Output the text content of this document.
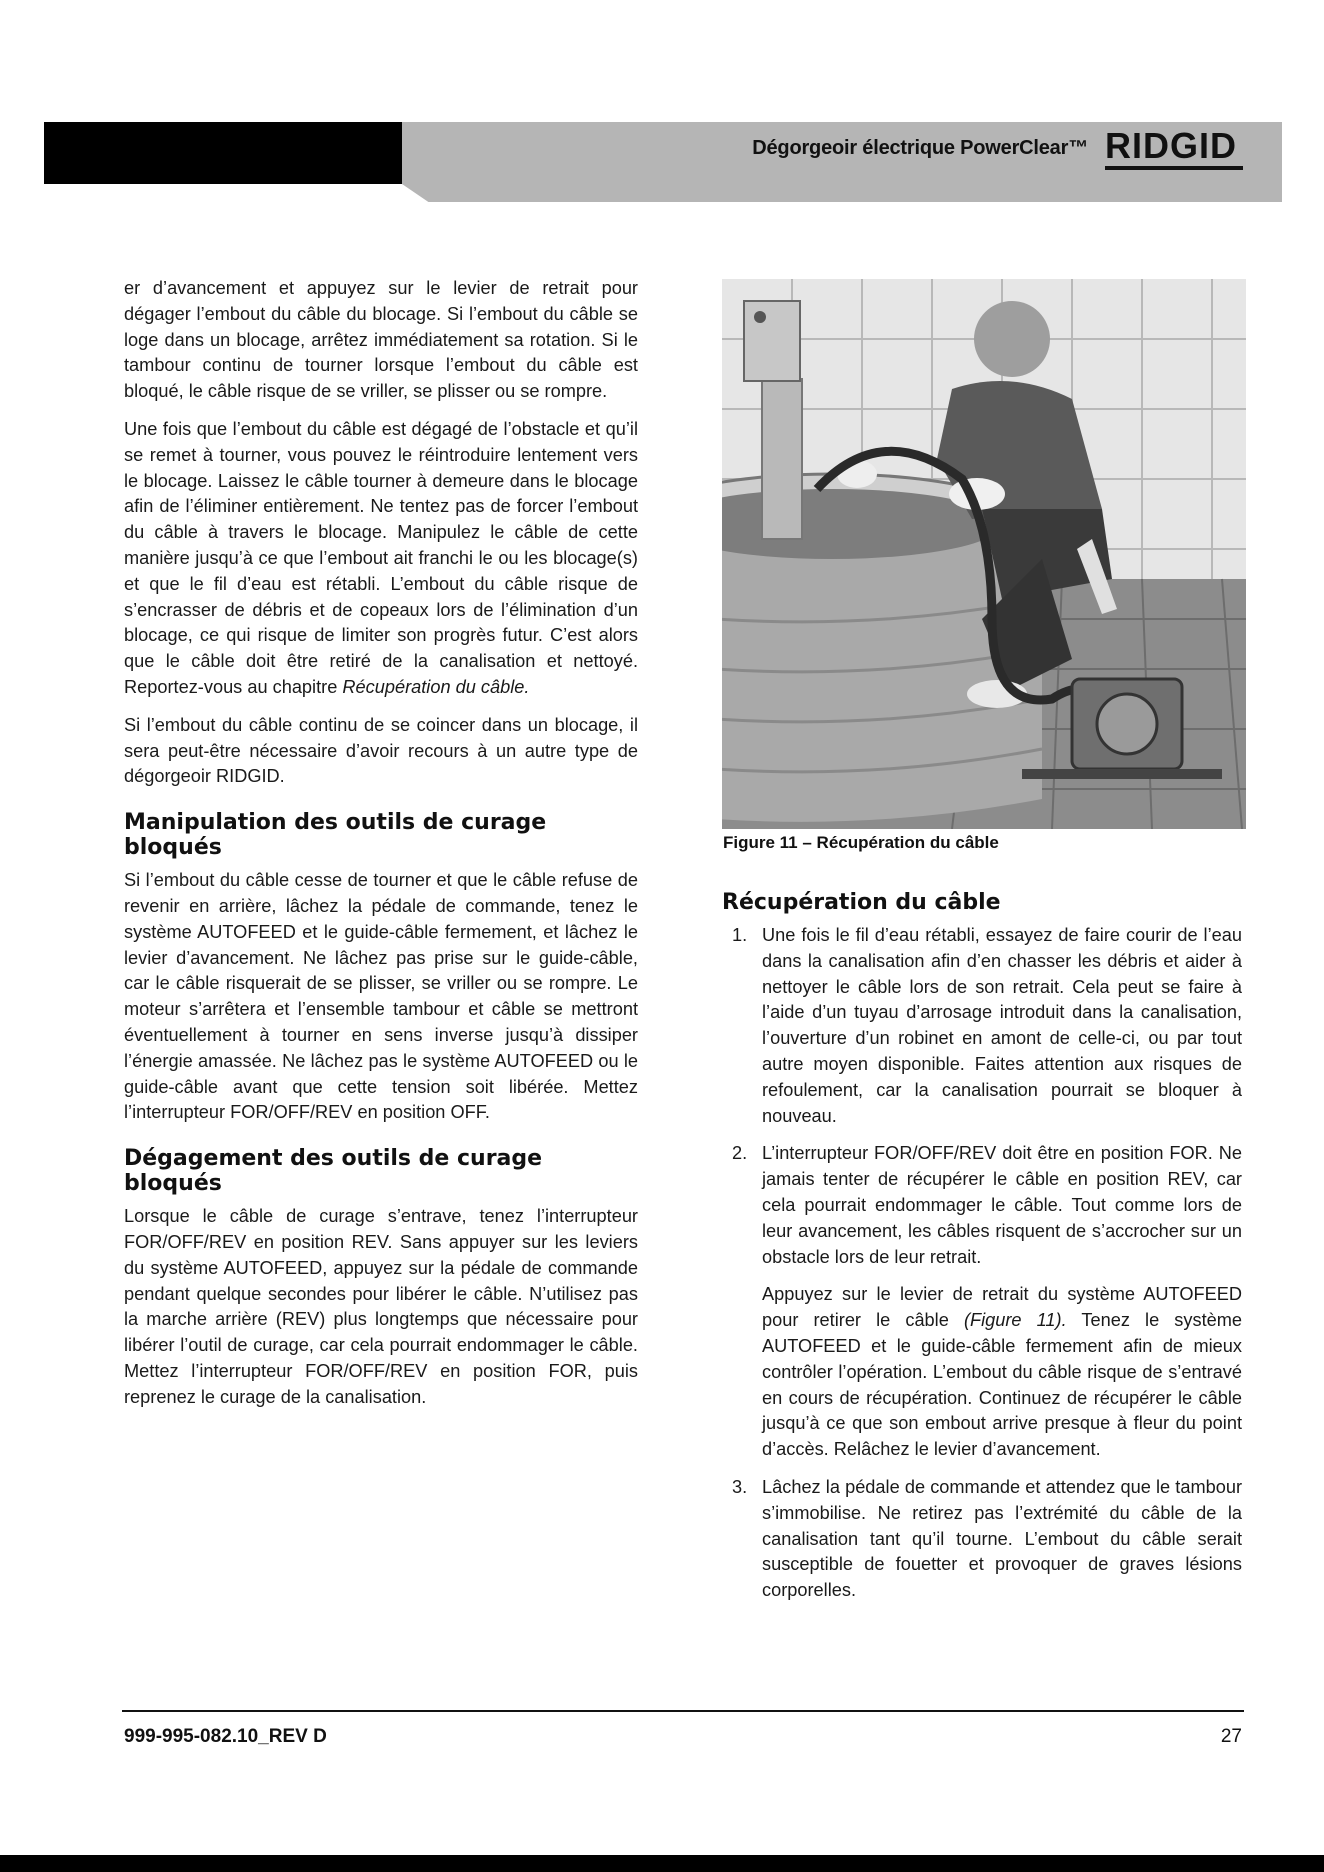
Dégorgeoir électrique PowerClear™ RIDGID

er d’avancement et appuyez sur le levier de retrait pour dégager l’embout du câble du blocage. Si l’embout du câble se loge dans un blocage, arrêtez immédiatement sa rotation. Si le tambour continu de tourner lorsque l’embout du câble est bloqué, le câble risque de se vriller, se plisser ou se rompre.

Une fois que l’embout du câble est dégagé de l’obstacle et qu’il se remet à tourner, vous pouvez le réintroduire lentement vers le blocage. Laissez le câble tourner à demeure dans le blocage afin de l’éliminer entièrement. Ne tentez pas de forcer l’embout du câble à travers le blocage. Manipulez le câble de cette manière jusqu’à ce que l’embout ait franchi le ou les blocage(s) et que le fil d’eau est rétabli. L’embout du câble risque de s’encrasser de débris et de copeaux lors de l’élimination d’un blocage, ce qui risque de limiter son progrès futur. C’est alors que le câble doit être retiré de la canalisation et nettoyé. Reportez-vous au chapitre Récupération du câble.

Si l’embout du câble continu de se coincer dans un blocage, il sera peut-être nécessaire d’avoir recours à un autre type de dégorgeoir RIDGID.

Manipulation des outils de curage bloqués

Si l’embout du câble cesse de tourner et que le câble refuse de revenir en arrière, lâchez la pédale de commande, tenez le système AUTOFEED et le guide-câble fermement, et lâchez le levier d’avancement. Ne lâchez pas prise sur le guide-câble, car le câble risquerait de se plisser, se vriller ou se rompre. Le moteur s’arrêtera et l’ensemble tambour et câble se mettront éventuellement à tourner en sens inverse jusqu’à dissiper l’énergie amassée. Ne lâchez pas le système AUTOFEED ou le guide-câble avant que cette tension soit libérée. Mettez l’interrupteur FOR/OFF/REV en position OFF.

Dégagement des outils de curage bloqués

Lorsque le câble de curage s’entrave, tenez l’interrupteur FOR/OFF/REV en position REV. Sans appuyer sur les leviers du système AUTOFEED, appuyez sur la pédale de commande pendant quelque secondes pour libérer le câble. N’utilisez pas la marche arrière (REV) plus longtemps que nécessaire pour libérer l’outil de curage, car cela pourrait endommager le câble. Mettez l’interrupteur FOR/OFF/REV en position FOR, puis reprenez le curage de la canalisation.

Figure 11 – Récupération du câble
Récupération du câble
1. Une fois le fil d’eau rétabli, essayez de faire courir de l’eau dans la canalisation afin d’en chasser les débris et aider à nettoyer le câble lors de son retrait. Cela peut se faire à l’aide d’un tuyau d’arrosage introduit dans la canalisation, l’ouverture d’un robinet en amont de celle-ci, ou par tout autre moyen disponible. Faites attention aux risques de refoulement, car la canalisation pourrait se bloquer à nouveau.
2. L’interrupteur FOR/OFF/REV doit être en position FOR. Ne jamais tenter de récupérer le câble en position REV, car cela pourrait endommager le câble. Tout comme lors de leur avancement, les câbles risquent de s’accrocher sur un obstacle lors de leur retrait.
Appuyez sur le levier de retrait du système AUTOFEED pour retirer le câble (Figure 11). Tenez le système AUTOFEED et le guide-câble fermement afin de mieux contrôler l’opération. L’embout du câble risque de s’entravé en cours de récupération. Continuez de récupérer le câble jusqu’à ce que son embout arrive presque à fleur du point d’accès. Relâchez le levier d’avancement.
3. Lâchez la pédale de commande et attendez que le tambour s’immobilise. Ne retirez pas l’extrémité du câble de la canalisation tant qu’il tourne. L’embout du câble serait susceptible de fouetter et provoquer de graves lésions corporelles.
999-995-082.10_REV D	27
